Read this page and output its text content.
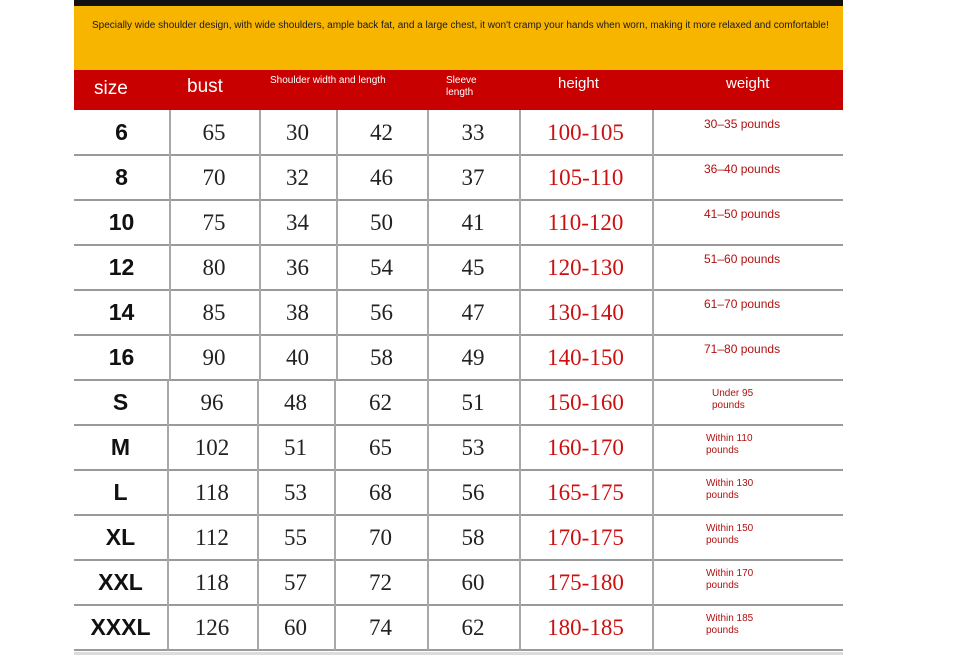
Specially wide shoulder design, with wide shoulders, ample back fat, and a large chest, it won't cramp your hands when worn, making it more relaxed and comfortable!
size	bust	Shoulder width and length	Sleeve
length
height	weight
6	65	30	42	33	100-105	30–35 pounds
8	70	32	46	37	105-110	36–40 pounds
10	75	34	50	41	110-120	41–50 pounds
12	80	36	54	45	120-130	51–60 pounds
14	85	38	56	47	130-140	61–70 pounds
16	90	40	58	49	140-150	71–80 pounds
S	96	48	62	51	150-160	Under 95
pounds
M	102	51	65	53	160-170	Within 110
pounds
L	118	53	68	56	165-175	Within 130
pounds
XL	112	55	70	58	170-175	Within 150
pounds
XXL	118	57	72	60	175-180	Within 170
pounds
XXXL	126	60	74	62	180-185	Within 185
pounds
